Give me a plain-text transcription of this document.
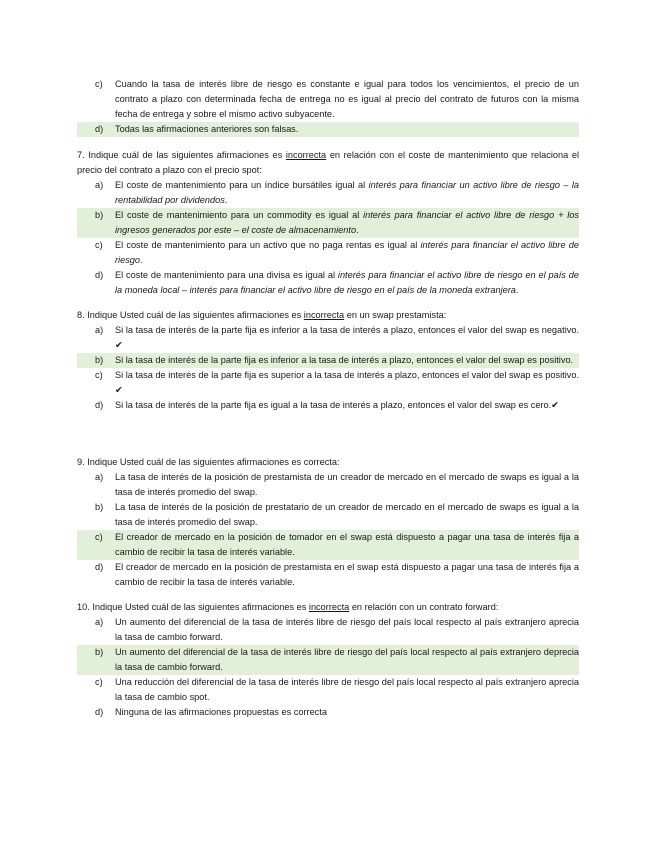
c) Cuando la tasa de interés libre de riesgo es constante e igual para todos los vencimientos, el precio de un contrato a plazo con determinada fecha de entrega no es igual al precio del contrato de futuros con la misma fecha de entrega y sobre el mismo activo subyacente.
d) Todas las afirmaciones anteriores son falsas.
7. Indique cuál de las siguientes afirmaciones es incorrecta en relación con el coste de mantenimiento que relaciona el precio del contrato a plazo con el precio spot:
a) El coste de mantenimiento para un índice bursátiles igual al interés para financiar un activo libre de riesgo – la rentabilidad por dividendos.
b) El coste de mantenimiento para un commodity es igual al interés para financiar el activo libre de riesgo + los ingresos generados por este – el coste de almacenamiento.
c) El coste de mantenimiento para un activo que no paga rentas es igual al interés para financiar el activo libre de riesgo.
d) El coste de mantenimiento para una divisa es igual al interés para financiar el activo libre de riesgo en el país de la moneda local – interés para financiar el activo libre de riesgo en el país de la moneda extranjera.
8. Indique Usted cuál de las siguientes afirmaciones es incorrecta en un swap prestamista:
a) Si la tasa de interés de la parte fija es inferior a la tasa de interés a plazo, entonces el valor del swap es negativo. ✔
b) Si la tasa de interés de la parte fija es inferior a la tasa de interés a plazo, entonces el valor del swap es positivo.
c) Si la tasa de interés de la parte fija es superior a la tasa de interés a plazo, entonces el valor del swap es positivo. ✔
d) Si la tasa de interés de la parte fija es igual a la tasa de interés a plazo, entonces el valor del swap es cero.✔
9. Indique Usted cuál de las siguientes afirmaciones es correcta:
a) La tasa de interés de la posición de prestamista de un creador de mercado en el mercado de swaps es igual a la tasa de interés promedio del swap.
b) La tasa de interés de la posición de prestatario de un creador de mercado en el mercado de swaps es igual a la tasa de interés promedio del swap.
c) El creador de mercado en la posición de tomador en el swap está dispuesto a pagar una tasa de interés fija a cambio de recibir la tasa de interés variable.
d) El creador de mercado en la posición de prestamista en el swap está dispuesto a pagar una tasa de interés fija a cambio de recibir la tasa de interés variable.
10. Indique Usted cuál de las siguientes afirmaciones es incorrecta en relación con un contrato forward:
a) Un aumento del diferencial de la tasa de interés libre de riesgo del país local respecto al país extranjero aprecia la tasa de cambio forward.
b) Un aumento del diferencial de la tasa de interés libre de riesgo del país local respecto al país extranjero deprecia la tasa de cambio forward.
c) Una reducción del diferencial de la tasa de interés libre de riesgo del país local respecto al país extranjero aprecia la tasa de cambio spot.
d) Ninguna de las afirmaciones propuestas es correcta
